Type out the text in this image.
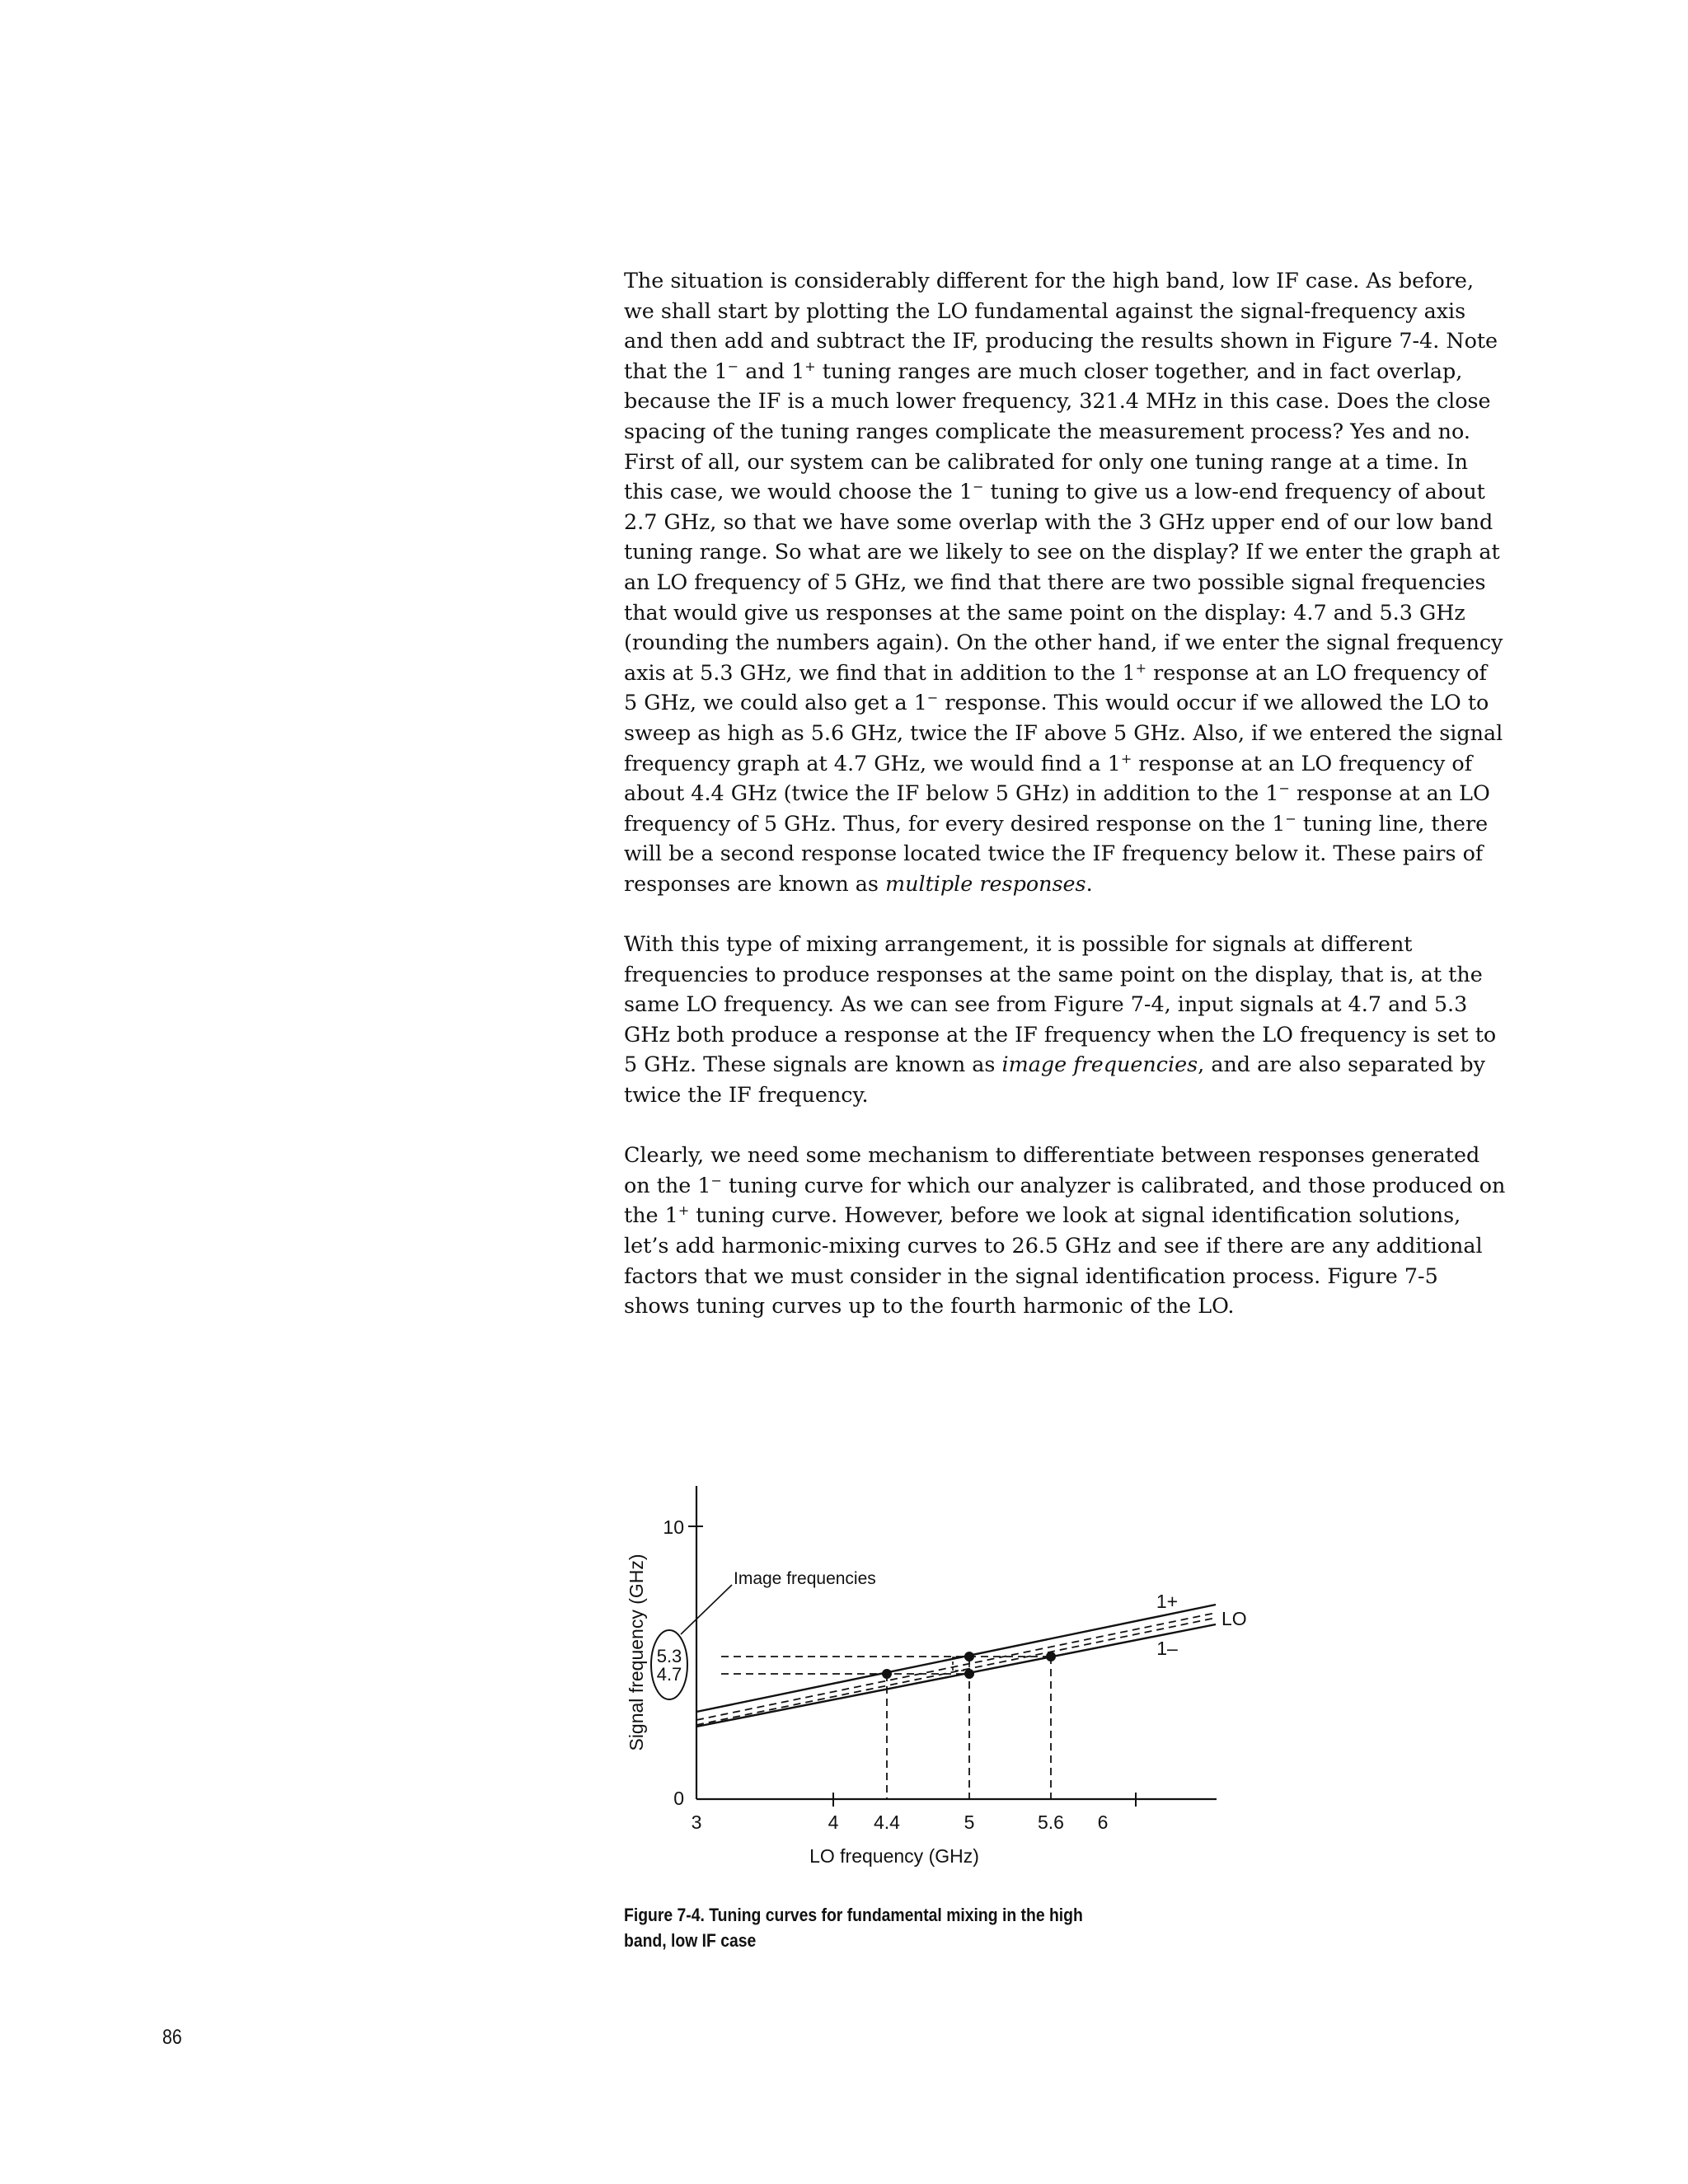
The situation is considerably different for the high band, low IF case. As before, we shall start by plotting the LO fundamental against the signal-frequency axis and then add and subtract the IF, producing the results shown in Figure 7-4. Note that the 1− and 1+ tuning ranges are much closer together, and in fact overlap, because the IF is a much lower frequency, 321.4 MHz in this case. Does the close spacing of the tuning ranges complicate the measurement process? Yes and no. First of all, our system can be calibrated for only one tuning range at a time. In this case, we would choose the 1− tuning to give us a low-end frequency of about 2.7 GHz, so that we have some overlap with the 3 GHz upper end of our low band tuning range. So what are we likely to see on the display? If we enter the graph at an LO frequency of 5 GHz, we find that there are two possible signal frequencies that would give us responses at the same point on the display: 4.7 and 5.3 GHz (rounding the numbers again). On the other hand, if we enter the signal frequency axis at 5.3 GHz, we find that in addition to the 1+ response at an LO frequency of 5 GHz, we could also get a 1− response. This would occur if we allowed the LO to sweep as high as 5.6 GHz, twice the IF above 5 GHz. Also, if we entered the signal frequency graph at 4.7 GHz, we would find a 1+ response at an LO frequency of about 4.4 GHz (twice the IF below 5 GHz) in addition to the 1− response at an LO frequency of 5 GHz. Thus, for every desired response on the 1− tuning line, there will be a second response located twice the IF frequency below it. These pairs of responses are known as multiple responses.

With this type of mixing arrangement, it is possible for signals at different frequencies to produce responses at the same point on the display, that is, at the same LO frequency. As we can see from Figure 7-4, input signals at 4.7 and 5.3 GHz both produce a response at the IF frequency when the LO frequency is set to 5 GHz. These signals are known as image frequencies, and are also separated by twice the IF frequency.

Clearly, we need some mechanism to differentiate between responses generated on the 1− tuning curve for which our analyzer is calibrated, and those produced on the 1+ tuning curve. However, before we look at signal identification solutions, let’s add harmonic-mixing curves to 26.5 GHz and see if there are any additional factors that we must consider in the signal identification process. Figure 7-5 shows tuning curves up to the fourth harmonic of the LO.

10
0
3	4 4.4	5	5.6 6
LO frequency (GHz)
Signal frequency (GHz) 5.3
4.7
Image frequencies
1+
LO
1–
Figure 7-4. Tuning curves for fundamental mixing in the high
band, low IF case
86
